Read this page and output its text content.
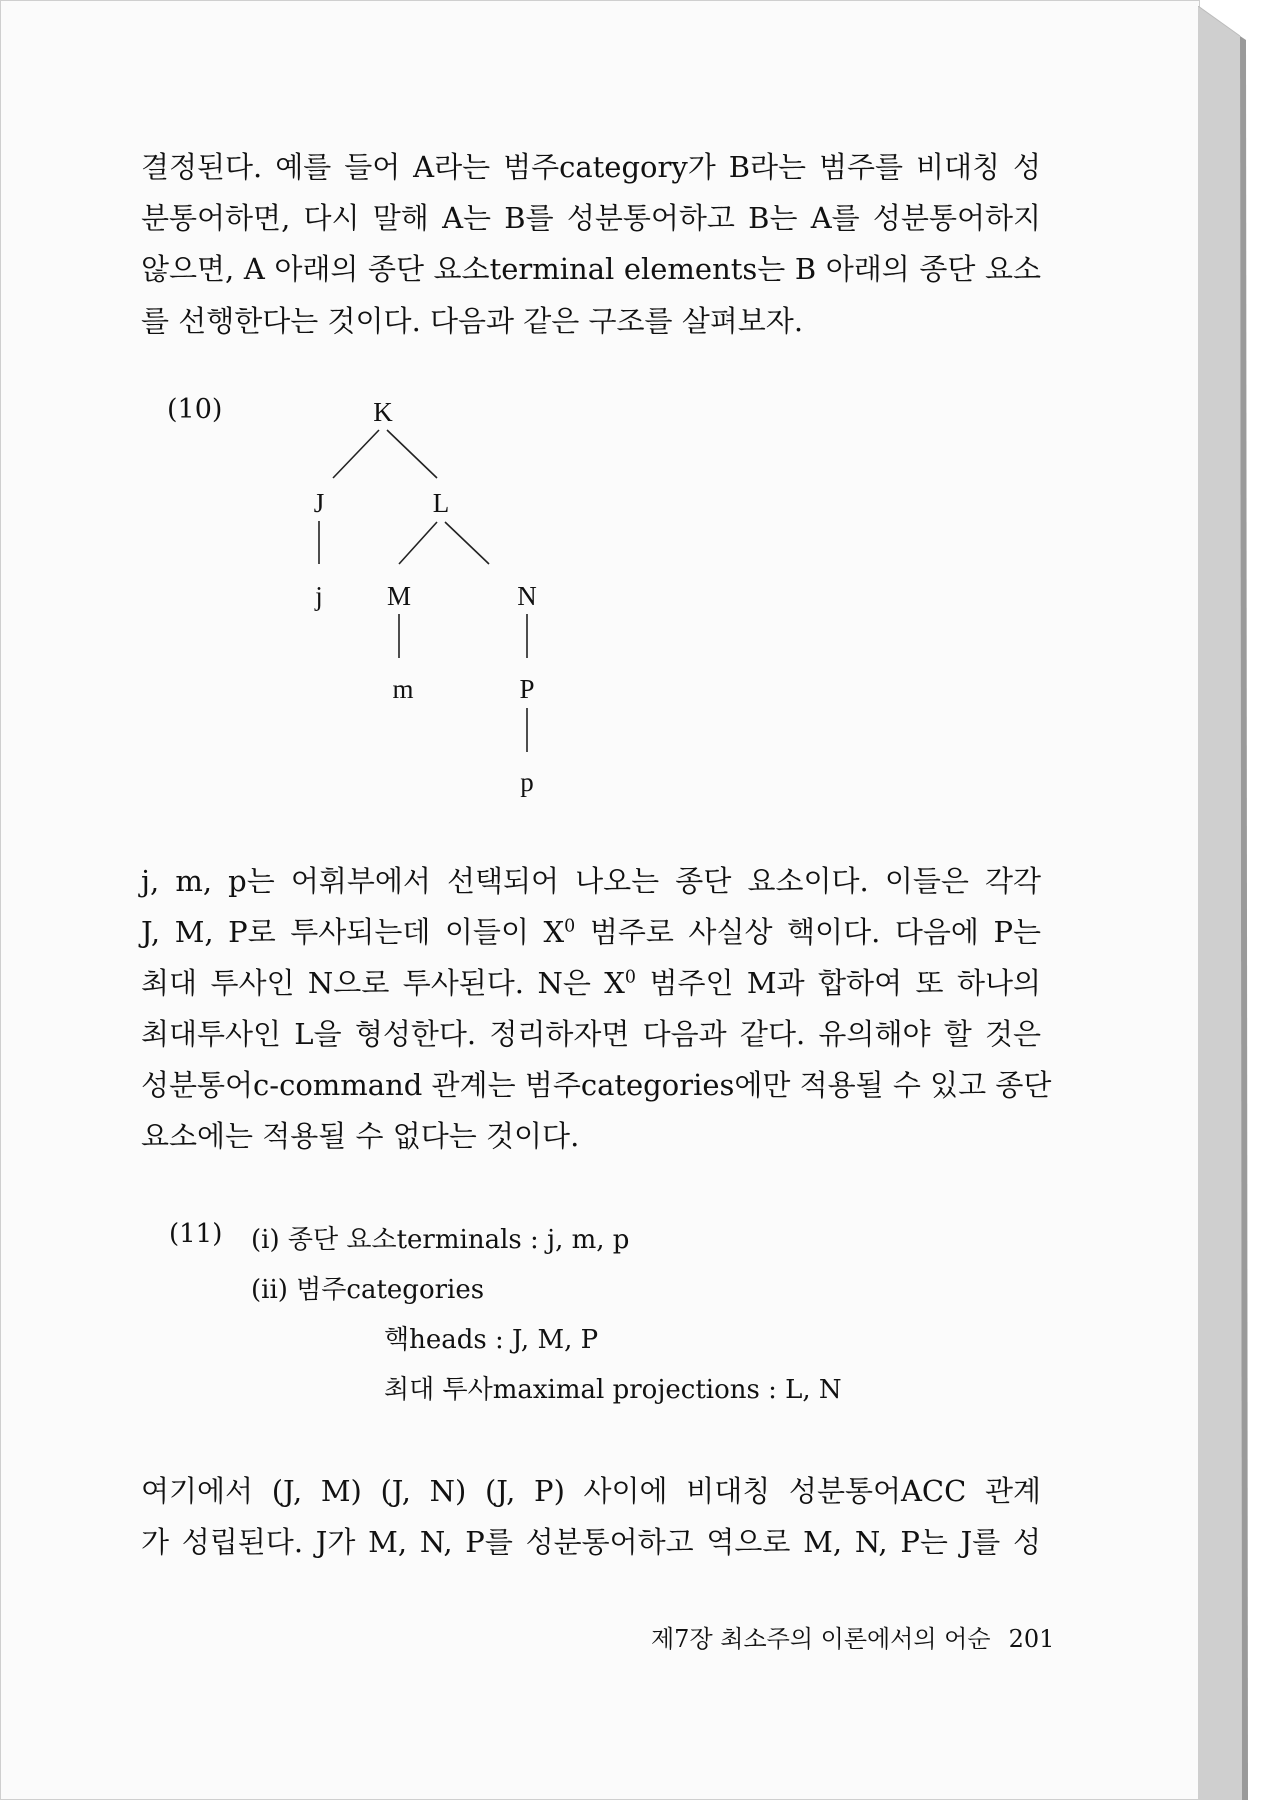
결정된다. 예를 들어 A라는 범주category가 B라는 범주를 비대칭 성
분통어하면, 다시 말해 A는 B를 성분통어하고 B는 A를 성분통어하지
않으면, A 아래의 종단 요소terminal elements는 B 아래의 종단 요소
를 선행한다는 것이다. 다음과 같은 구조를 살펴보자.
(10)	K
J	L
j M	N
m	P
p
j, m, p는 어휘부에서 선택되어 나오는 종단 요소이다. 이들은 각각
J, M, P로 투사되는데 이들이 $X^0$ 범주로 사실상 핵이다. 다음에 P는
최대 투사인 N으로 투사된다. N은 $X^0$ 범주인 M과 합하여 또 하나의
최대투사인 L을 형성한다. 정리하자면 다음과 같다. 유의해야 할 것은
성분통어c-command 관계는 범주categories에만 적용될 수 있고 종단
요소에는 적용될 수 없다는 것이다.
(11) (i) 종단 요소terminals : j, m, p
(ii) 범주categories
핵heads : J, M, P
최대 투사maximal projections : L, N
여기에서 (J, M) (J, N) (J, P) 사이에 비대칭 성분통어ACC 관계
가 성립된다. J가 M, N, P를 성분통어하고 역으로 M, N, P는 J를 성
제7장 최소주의 이론에서의 어순 201
